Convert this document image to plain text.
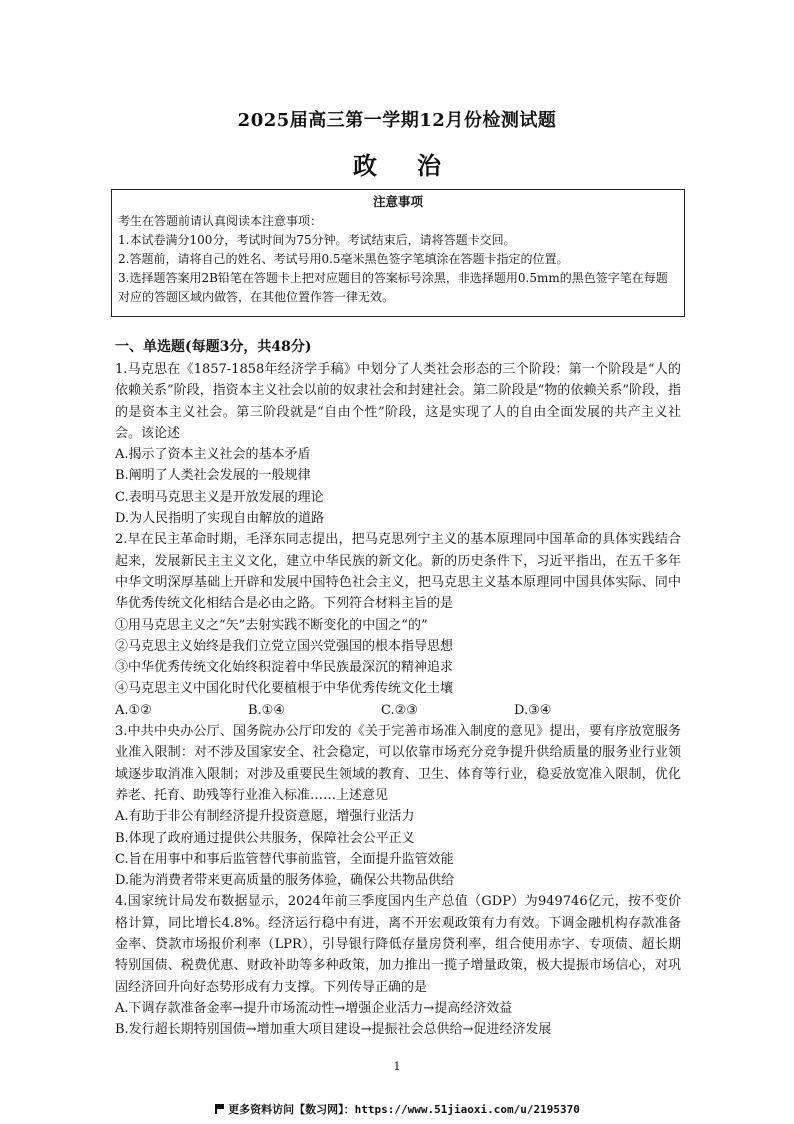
2025届高三第一学期12月份检测试题
政治
注意事项
考生在答题前请认真阅读本注意事项：
1.本试卷满分100分，考试时间为75分钟。考试结束后，请将答题卡交回。
2.答题前，请将自己的姓名、考试号用0.5毫米黑色签字笔填涂在答题卡指定的位置。
3.选择题答案用2B铅笔在答题卡上把对应题目的答案标号涂黑，非选择题用0.5mm的黑色签字笔在每题对应的答题区域内做答，在其他位置作答一律无效。
一、单选题(每题3分，共48分)

1.马克思在《1857-1858年经济学手稿》中划分了人类社会形态的三个阶段：第一个阶段是“人的依赖关系”阶段，指资本主义社会以前的奴隶社会和封建社会。第二阶段是“物的依赖关系”阶段，指的是资本主义社会。第三阶段就是“自由个性”阶段，这是实现了人的自由全面发展的共产主义社会。该论述

A.揭示了资本主义社会的基本矛盾

B.阐明了人类社会发展的一般规律

C.表明马克思主义是开放发展的理论

D.为人民指明了实现自由解放的道路

2.早在民主革命时期，毛泽东同志提出，把马克思列宁主义的基本原理同中国革命的具体实践结合起来，发展新民主主义文化，建立中华民族的新文化。新的历史条件下，习近平指出，在五千多年中华文明深厚基础上开辟和发展中国特色社会主义，把马克思主义基本原理同中国具体实际、同中华优秀传统文化相结合是必由之路。下列符合材料主旨的是

①用马克思主义之“矢”去射实践不断变化的中国之“的”

②马克思主义始终是我们立党立国兴党强国的根本指导思想

③中华优秀传统文化始终积淀着中华民族最深沉的精神追求

④马克思主义中国化时代化要植根于中华优秀传统文化土壤

A.①②	B.①④	C.②③	D.③④

3.中共中央办公厅、国务院办公厅印发的《关于完善市场准入制度的意见》提出，要有序放宽服务业准入限制：对不涉及国家安全、社会稳定，可以依靠市场充分竞争提升供给质量的服务业行业领域逐步取消准入限制；对涉及重要民生领域的教育、卫生、体育等行业，稳妥放宽准入限制，优化养老、托育、助残等行业准入标准……上述意见

A.有助于非公有制经济提升投资意愿，增强行业活力

B.体现了政府通过提供公共服务，保障社会公平正义

C.旨在用事中和事后监管替代事前监管，全面提升监管效能

D.能为消费者带来更高质量的服务体验，确保公共物品供给

4.国家统计局发布数据显示，2024年前三季度国内生产总值（GDP）为949746亿元，按不变价格计算，同比增长4.8%。经济运行稳中有进，离不开宏观政策有力有效。下调金融机构存款准备金率、贷款市场报价利率（LPR），引导银行降低存量房贷利率，组合使用赤字、专项债、超长期特别国债、税费优惠、财政补助等多种政策，加力推出一揽子增量政策，极大提振市场信心，对巩固经济回升向好态势形成有力支撑。下列传导正确的是

A.下调存款准备金率→提升市场流动性→增强企业活力→提高经济效益

B.发行超长期特别国债→增加重大项目建设→提振社会总供给→促进经济发展

1
更多资料访问【数习网】：https://www.51jiaoxi.com/u/2195370
